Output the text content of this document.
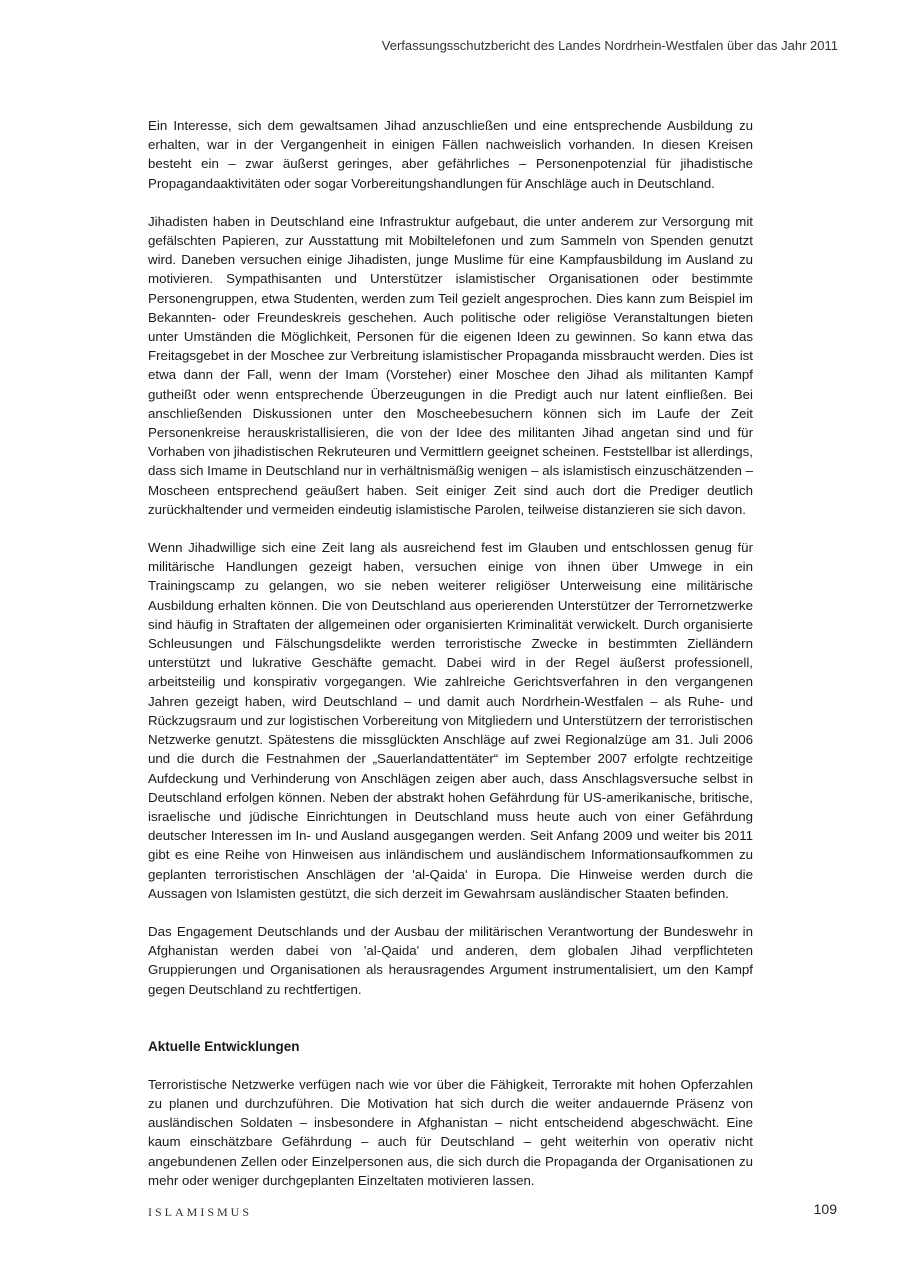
Verfassungsschutzbericht des Landes Nordrhein-Westfalen über das Jahr 2011

Ein Interesse, sich dem gewaltsamen Jihad anzuschließen und eine entsprechende Ausbildung zu erhalten, war in der Vergangenheit in einigen Fällen nachweislich vorhanden. In diesen Kreisen besteht ein – zwar äußerst geringes, aber gefährliches – Personenpotenzial für jihadistische Propagandaaktivitäten oder sogar Vorbereitungshandlungen für Anschläge auch in Deutschland.

Jihadisten haben in Deutschland eine Infrastruktur aufgebaut, die unter anderem zur Versorgung mit gefälschten Papieren, zur Ausstattung mit Mobiltelefonen und zum Sammeln von Spenden genutzt wird. Daneben versuchen einige Jihadisten, junge Muslime für eine Kampfausbildung im Ausland zu motivieren. Sympathisanten und Unterstützer islamistischer Organisationen oder bestimmte Personengruppen, etwa Studenten, werden zum Teil gezielt angesprochen. Dies kann zum Beispiel im Bekannten- oder Freundeskreis geschehen. Auch politische oder religiöse Veranstaltungen bieten unter Umständen die Möglichkeit, Personen für die eigenen Ideen zu gewinnen. So kann etwa das Freitagsgebet in der Moschee zur Verbreitung islamistischer Propaganda missbraucht werden. Dies ist etwa dann der Fall, wenn der Imam (Vorsteher) einer Moschee den Jihad als militanten Kampf gutheißt oder wenn entsprechende Überzeugungen in die Predigt auch nur latent einfließen. Bei anschließenden Diskussionen unter den Moscheebesuchern können sich im Laufe der Zeit Personenkreise herauskristallisieren, die von der Idee des militanten Jihad angetan sind und für Vorhaben von jihadistischen Rekruteuren und Vermittlern geeignet scheinen. Feststellbar ist allerdings, dass sich Imame in Deutschland nur in verhältnismäßig wenigen – als islamistisch einzuschätzenden – Moscheen entsprechend geäußert haben. Seit einiger Zeit sind auch dort die Prediger deutlich zurückhaltender und vermeiden eindeutig islamistische Parolen, teilweise distanzieren sie sich davon.

Wenn Jihadwillige sich eine Zeit lang als ausreichend fest im Glauben und entschlossen genug für militärische Handlungen gezeigt haben, versuchen einige von ihnen über Umwege in ein Trainingscamp zu gelangen, wo sie neben weiterer religiöser Unterweisung eine militärische Ausbildung erhalten können. Die von Deutschland aus operierenden Unterstützer der Terrornetzwerke sind häufig in Straftaten der allgemeinen oder organisierten Kriminalität verwickelt. Durch organisierte Schleusungen und Fälschungsdelikte werden terroristische Zwecke in bestimmten Zielländern unterstützt und lukrative Geschäfte gemacht. Dabei wird in der Regel äußerst professionell, arbeitsteilig und konspirativ vorgegangen. Wie zahlreiche Gerichtsverfahren in den vergangenen Jahren gezeigt haben, wird Deutschland – und damit auch Nordrhein-Westfalen – als Ruhe- und Rückzugsraum und zur logistischen Vorbereitung von Mitgliedern und Unterstützern der terroristischen Netzwerke genutzt. Spätestens die missglückten Anschläge auf zwei Regionalzüge am 31. Juli 2006 und die durch die Festnahmen der „Sauerlandattentäter“ im September 2007 erfolgte rechtzeitige Aufdeckung und Verhinderung von Anschlägen zeigen aber auch, dass Anschlagsversuche selbst in Deutschland erfolgen können. Neben der abstrakt hohen Gefährdung für US-amerikanische, britische, israelische und jüdische Einrichtungen in Deutschland muss heute auch von einer Gefährdung deutscher Interessen im In- und Ausland ausgegangen werden. Seit Anfang 2009 und weiter bis 2011 gibt es eine Reihe von Hinweisen aus inländischem und ausländischem Informationsaufkommen zu geplanten terroristischen Anschlägen der 'al-Qaida' in Europa. Die Hinweise werden durch die Aussagen von Islamisten gestützt, die sich derzeit im Gewahrsam ausländischer Staaten befinden.

Das Engagement Deutschlands und der Ausbau der militärischen Verantwortung der Bundeswehr in Afghanistan werden dabei von 'al-Qaida' und anderen, dem globalen Jihad verpflichteten Gruppierungen und Organisationen als herausragendes Argument instrumentalisiert, um den Kampf gegen Deutschland zu rechtfertigen.

Aktuelle Entwicklungen

Terroristische Netzwerke verfügen nach wie vor über die Fähigkeit, Terrorakte mit hohen Opferzahlen zu planen und durchzuführen. Die Motivation hat sich durch die weiter andauernde Präsenz von ausländischen Soldaten – insbesondere in Afghanistan – nicht entscheidend abgeschwächt. Eine kaum einschätzbare Gefährdung – auch für Deutschland – geht weiterhin von operativ nicht angebundenen Zellen oder Einzelpersonen aus, die sich durch die Propaganda der Organisationen zu mehr oder weniger durchgeplanten Einzeltaten motivieren lassen.

ISLAMISMUS	109
